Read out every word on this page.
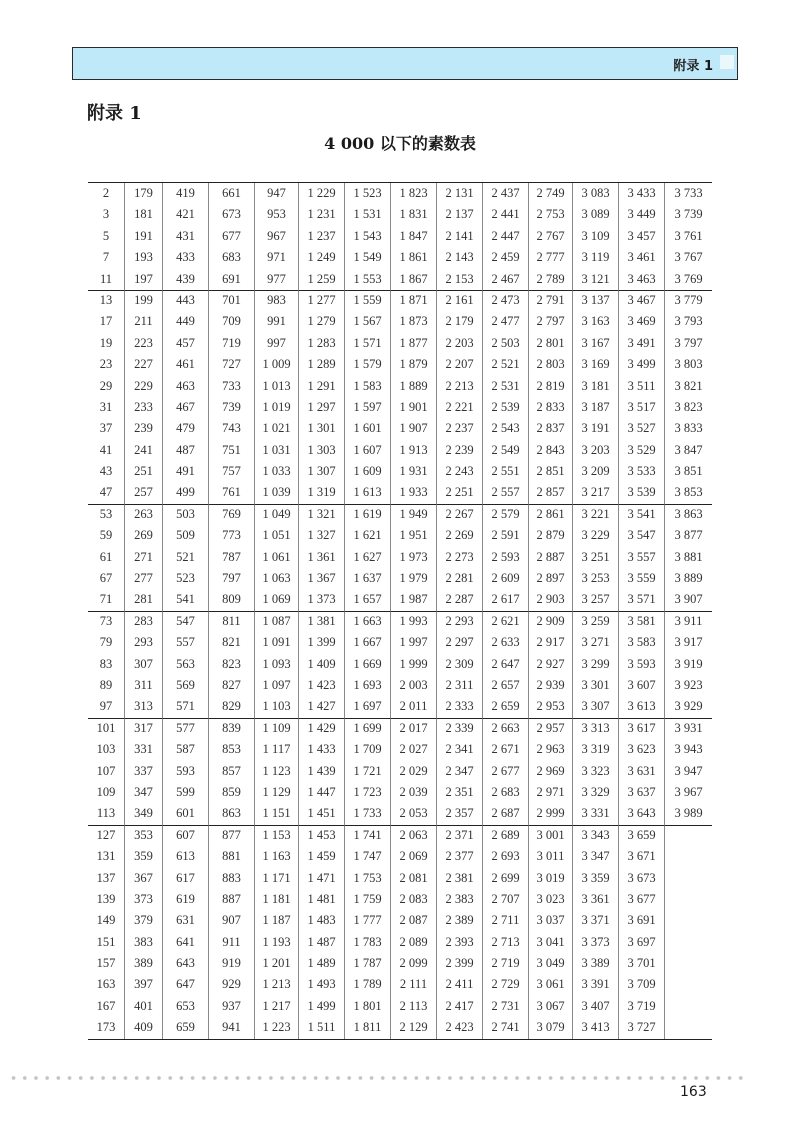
附录 1
附录 1
4 000 以下的素数表
2	179	419	661	947	1 229	1 523	1 823	2 131	2 437	2 749	3 083	3 433	3 733
3	181	421	673	953	1 231	1 531	1 831	2 137	2 441	2 753	3 089	3 449	3 739
5	191	431	677	967	1 237	1 543	1 847	2 141	2 447	2 767	3 109	3 457	3 761
7	193	433	683	971	1 249	1 549	1 861	2 143	2 459	2 777	3 119	3 461	3 767
11	197	439	691	977	1 259	1 553	1 867	2 153	2 467	2 789	3 121	3 463	3 769
13	199	443	701	983	1 277	1 559	1 871	2 161	2 473	2 791	3 137	3 467	3 779
17	211	449	709	991	1 279	1 567	1 873	2 179	2 477	2 797	3 163	3 469	3 793
19	223	457	719	997	1 283	1 571	1 877	2 203	2 503	2 801	3 167	3 491	3 797
23	227	461	727	1 009	1 289	1 579	1 879	2 207	2 521	2 803	3 169	3 499	3 803
29	229	463	733	1 013	1 291	1 583	1 889	2 213	2 531	2 819	3 181	3 511	3 821
31	233	467	739	1 019	1 297	1 597	1 901	2 221	2 539	2 833	3 187	3 517	3 823
37	239	479	743	1 021	1 301	1 601	1 907	2 237	2 543	2 837	3 191	3 527	3 833
41	241	487	751	1 031	1 303	1 607	1 913	2 239	2 549	2 843	3 203	3 529	3 847
43	251	491	757	1 033	1 307	1 609	1 931	2 243	2 551	2 851	3 209	3 533	3 851
47	257	499	761	1 039	1 319	1 613	1 933	2 251	2 557	2 857	3 217	3 539	3 853
53	263	503	769	1 049	1 321	1 619	1 949	2 267	2 579	2 861	3 221	3 541	3 863
59	269	509	773	1 051	1 327	1 621	1 951	2 269	2 591	2 879	3 229	3 547	3 877
61	271	521	787	1 061	1 361	1 627	1 973	2 273	2 593	2 887	3 251	3 557	3 881
67	277	523	797	1 063	1 367	1 637	1 979	2 281	2 609	2 897	3 253	3 559	3 889
71	281	541	809	1 069	1 373	1 657	1 987	2 287	2 617	2 903	3 257	3 571	3 907
73	283	547	811	1 087	1 381	1 663	1 993	2 293	2 621	2 909	3 259	3 581	3 911
79	293	557	821	1 091	1 399	1 667	1 997	2 297	2 633	2 917	3 271	3 583	3 917
83	307	563	823	1 093	1 409	1 669	1 999	2 309	2 647	2 927	3 299	3 593	3 919
89	311	569	827	1 097	1 423	1 693	2 003	2 311	2 657	2 939	3 301	3 607	3 923
97	313	571	829	1 103	1 427	1 697	2 011	2 333	2 659	2 953	3 307	3 613	3 929
101	317	577	839	1 109	1 429	1 699	2 017	2 339	2 663	2 957	3 313	3 617	3 931
103	331	587	853	1 117	1 433	1 709	2 027	2 341	2 671	2 963	3 319	3 623	3 943
107	337	593	857	1 123	1 439	1 721	2 029	2 347	2 677	2 969	3 323	3 631	3 947
109	347	599	859	1 129	1 447	1 723	2 039	2 351	2 683	2 971	3 329	3 637	3 967
113	349	601	863	1 151	1 451	1 733	2 053	2 357	2 687	2 999	3 331	3 643	3 989
127	353	607	877	1 153	1 453	1 741	2 063	2 371	2 689	3 001	3 343	3 659
131	359	613	881	1 163	1 459	1 747	2 069	2 377	2 693	3 011	3 347	3 671
137	367	617	883	1 171	1 471	1 753	2 081	2 381	2 699	3 019	3 359	3 673
139	373	619	887	1 181	1 481	1 759	2 083	2 383	2 707	3 023	3 361	3 677
149	379	631	907	1 187	1 483	1 777	2 087	2 389	2 711	3 037	3 371	3 691
151	383	641	911	1 193	1 487	1 783	2 089	2 393	2 713	3 041	3 373	3 697
157	389	643	919	1 201	1 489	1 787	2 099	2 399	2 719	3 049	3 389	3 701
163	397	647	929	1 213	1 493	1 789	2 111	2 411	2 729	3 061	3 391	3 709
167	401	653	937	1 217	1 499	1 801	2 113	2 417	2 731	3 067	3 407	3 719
173	409	659	941	1 223	1 511	1 811	2 129	2 423	2 741	3 079	3 413	3 727
163
